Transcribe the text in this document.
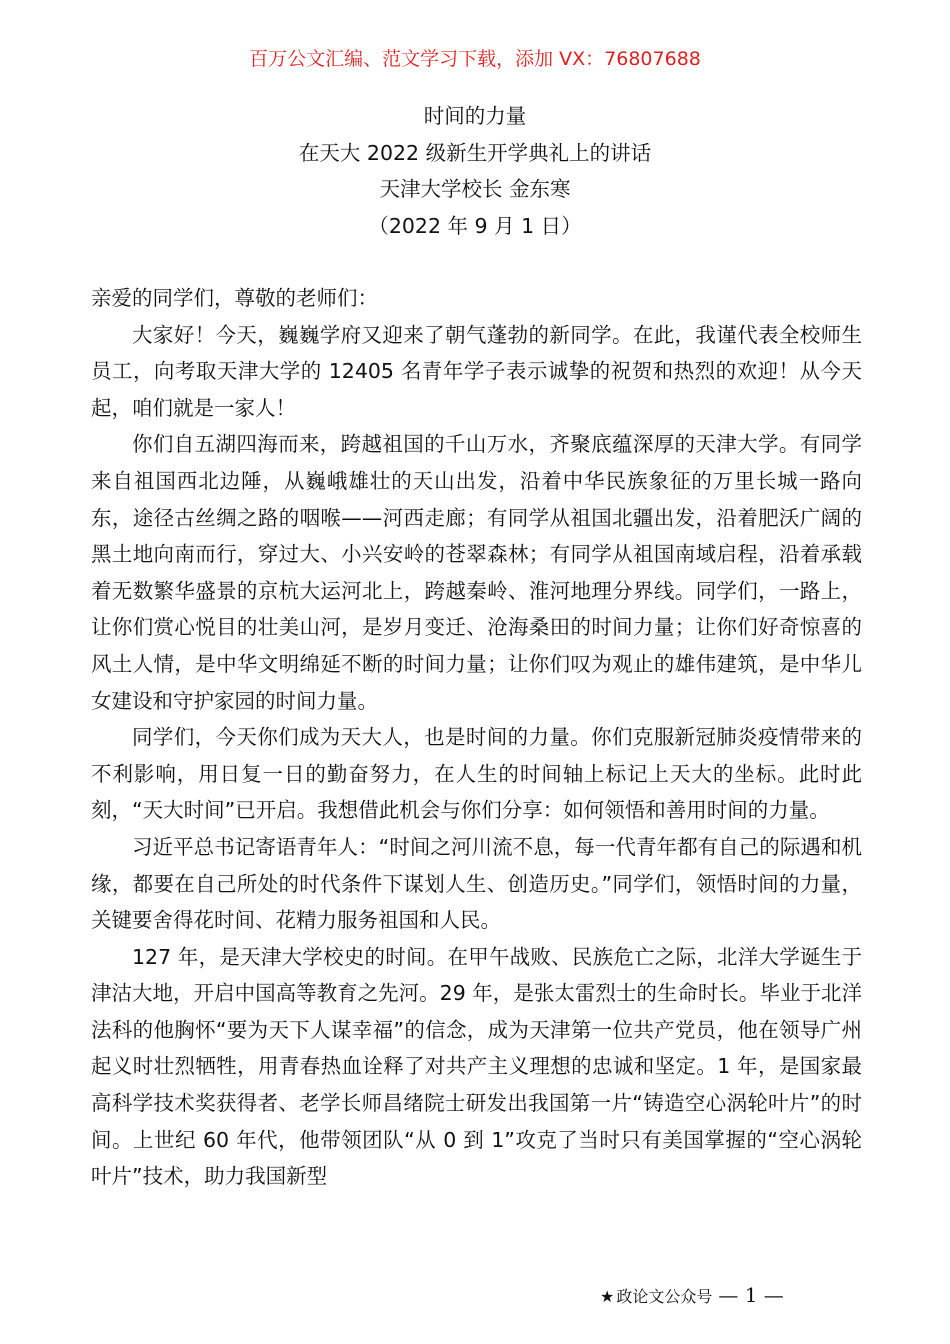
百万公文汇编、范文学习下载，添加 VX：76807688
时间的力量
在天大 2022 级新生开学典礼上的讲话
天津大学校长 金东寒
（2022 年 9 月 1 日）

亲爱的同学们，尊敬的老师们：

大家好！今天，巍巍学府又迎来了朝气蓬勃的新同学。在此，我谨代表全校师生员工，向考取天津大学的 12405 名青年学子表示诚挚的祝贺和热烈的欢迎！从今天起，咱们就是一家人！

你们自五湖四海而来，跨越祖国的千山万水，齐聚底蕴深厚的天津大学。有同学来自祖国西北边陲，从巍峨雄壮的天山出发，沿着中华民族象征的万里长城一路向东，途径古丝绸之路的咽喉——河西走廊；有同学从祖国北疆出发，沿着肥沃广阔的黑土地向南而行，穿过大、小兴安岭的苍翠森林；有同学从祖国南域启程，沿着承载着无数繁华盛景的京杭大运河北上，跨越秦岭、淮河地理分界线。同学们，一路上，让你们赏心悦目的壮美山河，是岁月变迁、沧海桑田的时间力量；让你们好奇惊喜的风土人情，是中华文明绵延不断的时间力量；让你们叹为观止的雄伟建筑，是中华儿女建设和守护家园的时间力量。

同学们，今天你们成为天大人，也是时间的力量。你们克服新冠肺炎疫情带来的不利影响，用日复一日的勤奋努力，在人生的时间轴上标记上天大的坐标。此时此刻，“天大时间”已开启。我想借此机会与你们分享：如何领悟和善用时间的力量。

习近平总书记寄语青年人：“时间之河川流不息，每一代青年都有自己的际遇和机缘，都要在自己所处的时代条件下谋划人生、创造历史。”同学们，领悟时间的力量，关键要舍得花时间、花精力服务祖国和人民。

127 年，是天津大学校史的时间。在甲午战败、民族危亡之际，北洋大学诞生于津沽大地，开启中国高等教育之先河。29 年，是张太雷烈士的生命时长。毕业于北洋法科的他胸怀“要为天下人谋幸福”的信念，成为天津第一位共产党员，他在领导广州起义时壮烈牺牲，用青春热血诠释了对共产主义理想的忠诚和坚定。1 年，是国家最高科学技术奖获得者、老学长师昌绪院士研发出我国第一片“铸造空心涡轮叶片”的时间。上世纪 60 年代，他带领团队“从 0 到 1”攻克了当时只有美国掌握的“空心涡轮叶片”技术，助力我国新型

★ 政论文公众号 — 1 —
